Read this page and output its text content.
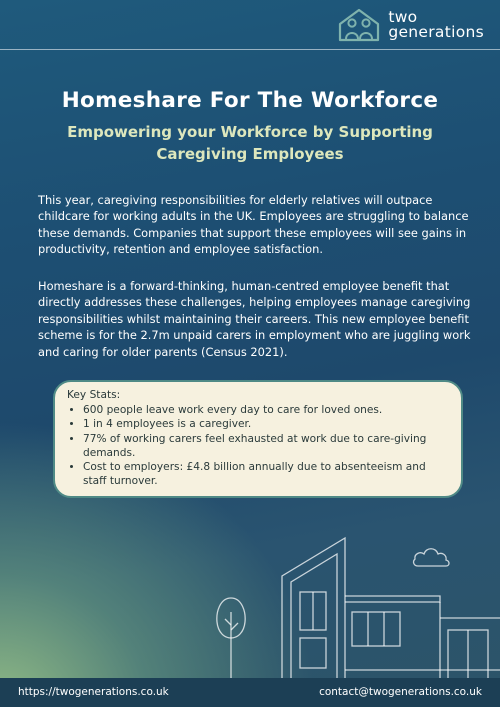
two
generations
Homeshare For The Workforce

Empowering your Workforce by Supporting Caregiving Employees

This year, caregiving responsibilities for elderly relatives will outpace childcare for working adults in the UK. Employees are struggling to balance these demands. Companies that support these employees will see gains in productivity, retention and employee satisfaction.

Homeshare is a forward-thinking, human-centred employee benefit that directly addresses these challenges, helping employees manage caregiving responsibilities whilst maintaining their careers. This new employee benefit scheme is for the 2.7m unpaid carers in employment who are juggling work and caring for older parents (Census 2021).

Key Stats:

• 600 people leave work every day to care for loved ones.
• 1 in 4 employees is a caregiver.
• 77% of working carers feel exhausted at work due to care-giving demands.
• Cost to employers: £4.8 billion annually due to absenteeism and staff turnover.
https://twogenerations.co.uk	contact@twogenerations.co.uk
